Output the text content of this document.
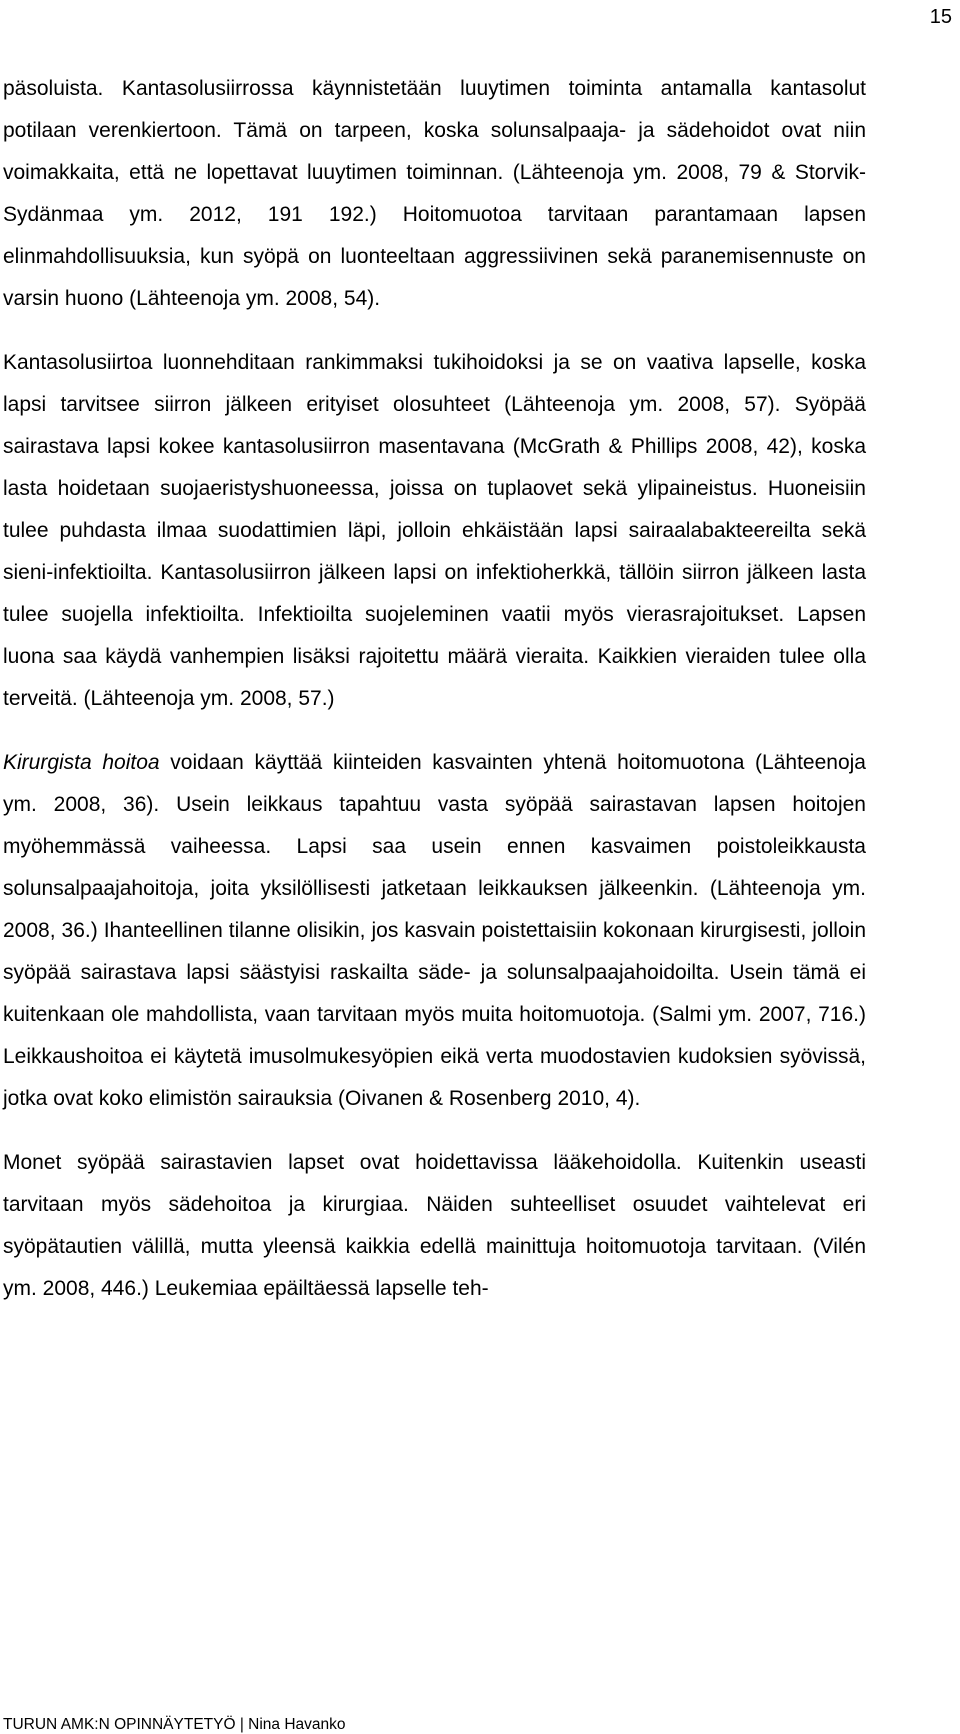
15

päsoluista. Kantasolusiirrossa käynnistetään luuytimen toiminta antamalla kantasolut potilaan verenkiertoon. Tämä on tarpeen, koska solunsalpaaja- ja sädehoidot ovat niin voimakkaita, että ne lopettavat luuytimen toiminnan. (Lähteenoja ym. 2008, 79 & Storvik-Sydänmaa ym. 2012, 191 192.) Hoitomuotoa tarvitaan parantamaan lapsen elinmahdollisuuksia, kun syöpä on luonteeltaan aggressiivinen sekä paranemisennuste on varsin huono (Lähteenoja ym. 2008, 54).

Kantasolusiirtoa luonnehditaan rankimmaksi tukihoidoksi ja se on vaativa lapselle, koska lapsi tarvitsee siirron jälkeen erityiset olosuhteet (Lähteenoja ym. 2008, 57). Syöpää sairastava lapsi kokee kantasolusiirron masentavana (McGrath & Phillips 2008, 42), koska lasta hoidetaan suojaeristyshuoneessa, joissa on tuplaovet sekä ylipaineistus. Huoneisiin tulee puhdasta ilmaa suodattimien läpi, jolloin ehkäistään lapsi sairaalabakteereilta sekä sieni-infektioilta. Kantasolusiirron jälkeen lapsi on infektioherkkä, tällöin siirron jälkeen lasta tulee suojella infektioilta. Infektioilta suojeleminen vaatii myös vierasrajoitukset. Lapsen luona saa käydä vanhempien lisäksi rajoitettu määrä vieraita. Kaikkien vieraiden tulee olla terveitä. (Lähteenoja ym. 2008, 57.)

Kirurgista hoitoa voidaan käyttää kiinteiden kasvainten yhtenä hoitomuotona (Lähteenoja ym. 2008, 36). Usein leikkaus tapahtuu vasta syöpää sairastavan lapsen hoitojen myöhemmässä vaiheessa. Lapsi saa usein ennen kasvaimen poistoleikkausta solunsalpaajahoitoja, joita yksilöllisesti jatketaan leikkauksen jälkeenkin. (Lähteenoja ym. 2008, 36.) Ihanteellinen tilanne olisikin, jos kasvain poistettaisiin kokonaan kirurgisesti, jolloin syöpää sairastava lapsi säästyisi raskailta säde- ja solunsalpaajahoidoilta. Usein tämä ei kuitenkaan ole mahdollista, vaan tarvitaan myös muita hoitomuotoja. (Salmi ym. 2007, 716.) Leikkaushoitoa ei käytetä imusolmukesyöpien eikä verta muodostavien kudoksien syövissä, jotka ovat koko elimistön sairauksia (Oivanen & Rosenberg 2010, 4).

Monet syöpää sairastavien lapset ovat hoidettavissa lääkehoidolla. Kuitenkin useasti tarvitaan myös sädehoitoa ja kirurgiaa. Näiden suhteelliset osuudet vaihtelevat eri syöpätautien välillä, mutta yleensä kaikkia edellä mainittuja hoitomuotoja tarvitaan. (Vilén ym. 2008, 446.) Leukemiaa epäiltäessä lapselle teh-

TURUN AMK:N OPINNÄYTETYÖ | Nina Havanko
